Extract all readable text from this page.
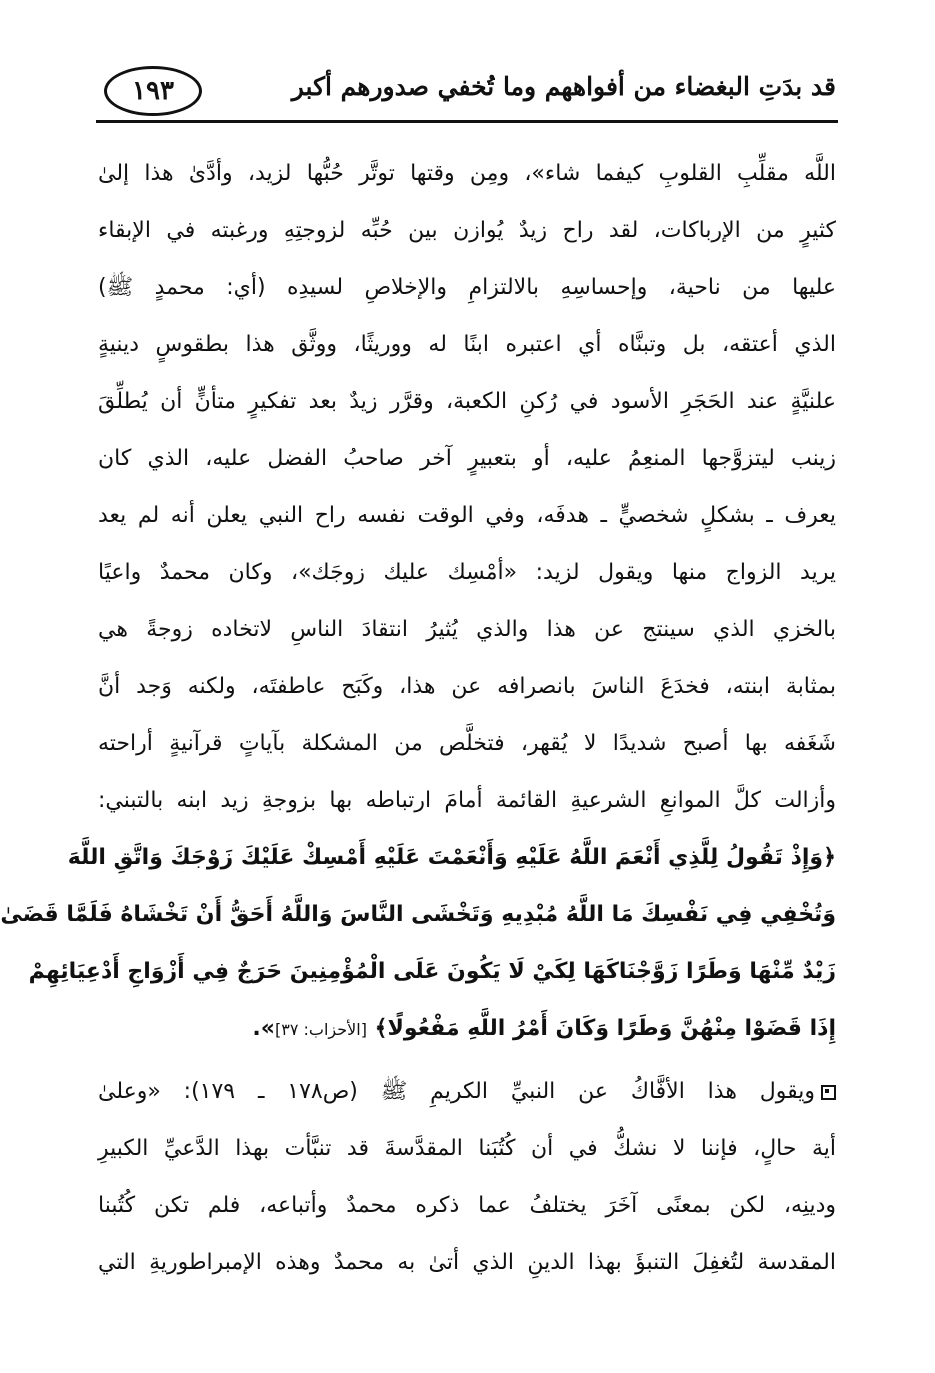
١٩٣	قد بدَتِ البغضاء من أفواههم وما تُخفي صدورهم أكبر
اللَّه مقلِّبِ القلوبِ كيفما شاء»، ومِن وقتها توتَّر حُبُّها لزيد، وأدَّىٰ هذا إلىٰ
كثيرٍ من الإرباكات، لقد راح زيدٌ يُوازن بين حُبِّه لزوجتِهِ ورغبته في الإبقاء
عليها من ناحية، وإحساسِهِ بالالتزامِ والإخلاصِ لسيدِه (أي: محمدٍ ﷺ)
الذي أعتقه، بل وتبنَّاه أي اعتبره ابنًا له ووريثًا، ووثَّق هذا بطقوسٍ دينيةٍ
علنيَّةٍ عند الحَجَرِ الأسود في رُكنِ الكعبة، وقرَّر زيدٌ بعد تفكيرٍ متأنٍّ أن يُطلِّقَ
زينب ليتزوَّجها المنعِمُ عليه، أو بتعبيرٍ آخر صاحبُ الفضل عليه، الذي كان
يعرف ـ بشكلٍ شخصيٍّ ـ هدفَه، وفي الوقت نفسه راح النبي يعلن أنه لم يعد
يريد الزواج منها ويقول لزيد: «أمْسِك عليك زوجَك»، وكان محمدٌ واعيًا
بالخزي الذي سينتج عن هذا والذي يُثيرُ انتقادَ الناسِ لاتخاده زوجةً هي
بمثابة ابنته، فخدَعَ الناسَ بانصرافه عن هذا، وكَبَح عاطفتَه، ولكنه وَجد أنَّ
شَغَفه بها أصبح شديدًا لا يُقهر، فتخلَّص من المشكلة بآياتٍ قرآنيةٍ أراحته
وأزالت كلَّ الموانعِ الشرعيةِ القائمة أمامَ ارتباطه بها بزوجةِ زيد ابنه بالتبني:
﴿وَإِذْ تَقُولُ لِلَّذِي أَنْعَمَ اللَّهُ عَلَيْهِ وَأَنْعَمْتَ عَلَيْهِ أَمْسِكْ عَلَيْكَ زَوْجَكَ وَاتَّقِ اللَّهَ
وَتُخْفِي فِي نَفْسِكَ مَا اللَّهُ مُبْدِيهِ وَتَخْشَى النَّاسَ وَاللَّهُ أَحَقُّ أَنْ تَخْشَاهُ فَلَمَّا قَضَىٰ
زَيْدٌ مِّنْهَا وَطَرًا زَوَّجْنَاكَهَا لِكَيْ لَا يَكُونَ عَلَى الْمُؤْمِنِينَ حَرَجٌ فِي أَزْوَاجِ أَدْعِيَائِهِمْ
إِذَا قَضَوْا مِنْهُنَّ وَطَرًا وَكَانَ أَمْرُ اللَّهِ مَفْعُولًا﴾ [الأحزاب: ٣٧]».
ويقول هذا الأفَّاكُ عن النبيِّ الكريمِ ﷺ (ص١٧٨ ـ ١٧٩): «وعلىٰ
أية حالٍ، فإننا لا نشكُّ في أن كُتُبَنا المقدَّسةَ قد تنبَّأت بهذا الدَّعيِّ الكبيرِ
ودينِه، لكن بمعنًى آخَرَ يختلفُ عما ذكره محمدٌ وأتباعه، فلم تكن كُتُبنا
المقدسة لتُغفِلَ التنبؤَ بهذا الدينِ الذي أتىٰ به محمدٌ وهذه الإمبراطوريةِ التي
